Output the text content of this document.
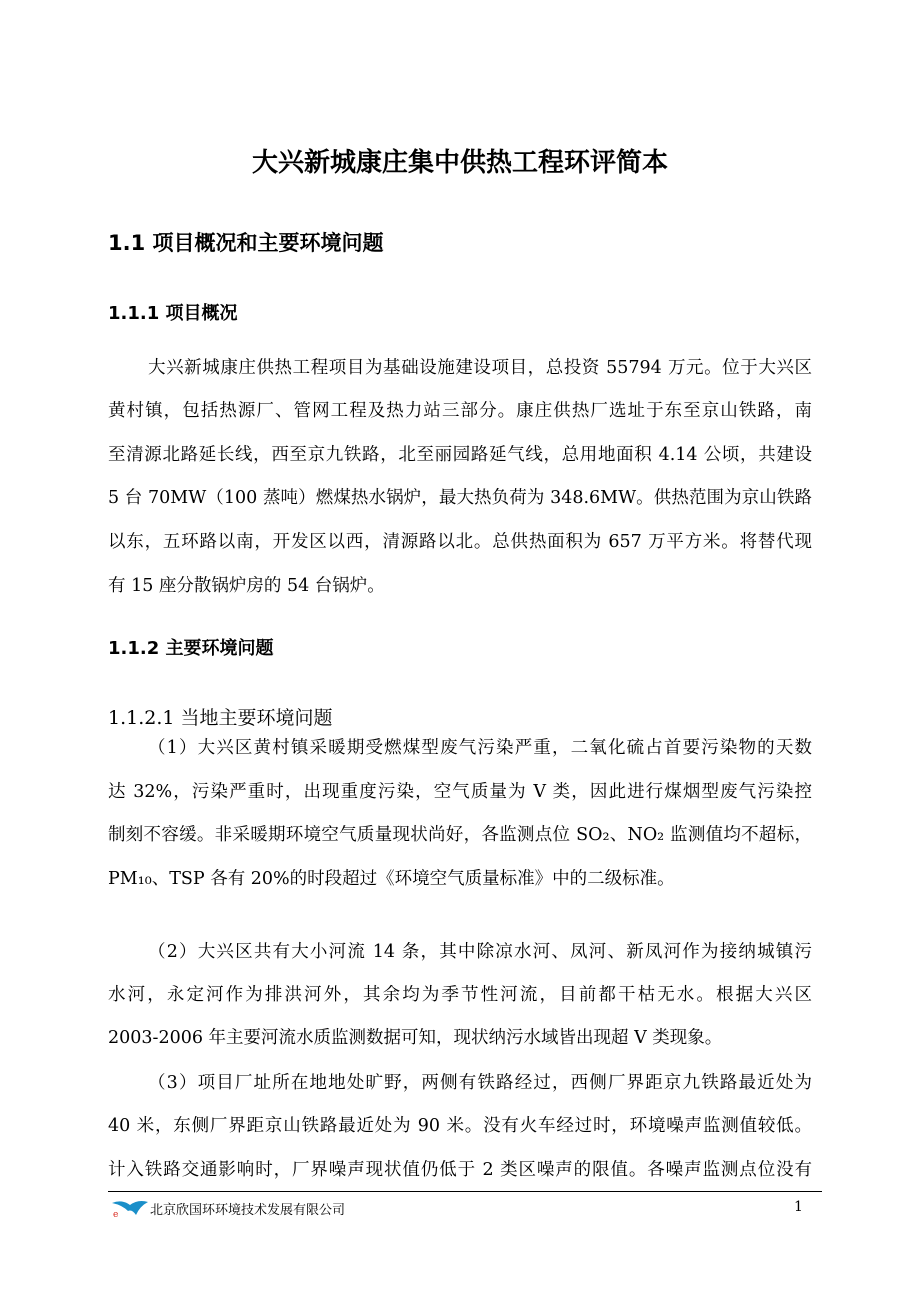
大兴新城康庄集中供热工程环评简本
1.1 项目概况和主要环境问题
1.1.1 项目概况
大兴新城康庄供热工程项目为基础设施建设项目，总投资 55794 万元。位于大兴区
黄村镇，包括热源厂、管网工程及热力站三部分。康庄供热厂选址于东至京山铁路，南
至清源北路延长线，西至京九铁路，北至丽园路延气线，总用地面积 4.14 公顷，共建设
5 台 70MW（100 蒸吨）燃煤热水锅炉，最大热负荷为 348.6MW。供热范围为京山铁路
以东，五环路以南，开发区以西，清源路以北。总供热面积为 657 万平方米。将替代现
有 15 座分散锅炉房的 54 台锅炉。
1.1.2 主要环境问题
1.1.2.1 当地主要环境问题
（1）大兴区黄村镇采暖期受燃煤型废气污染严重，二氧化硫占首要污染物的天数
达 32%，污染严重时，出现重度污染，空气质量为 V 类，因此进行煤烟型废气污染控
制刻不容缓。非采暖期环境空气质量现状尚好，各监测点位 SO₂、NO₂ 监测值均不超标，
PM₁₀、TSP 各有 20%的时段超过《环境空气质量标准》中的二级标准。
（2）大兴区共有大小河流 14 条，其中除凉水河、凤河、新凤河作为接纳城镇污
水河，永定河作为排洪河外，其余均为季节性河流，目前都干枯无水。根据大兴区
2003-2006 年主要河流水质监测数据可知，现状纳污水域皆出现超 V 类现象。
（3）项目厂址所在地地处旷野，两侧有铁路经过，西侧厂界距京九铁路最近处为
40 米，东侧厂界距京山铁路最近处为 90 米。没有火车经过时，环境噪声监测值较低。
计入铁路交通影响时，厂界噪声现状值仍低于 2 类区噪声的限值。各噪声监测点位没有
e 北京欣国环环境技术发展有限公司	1
